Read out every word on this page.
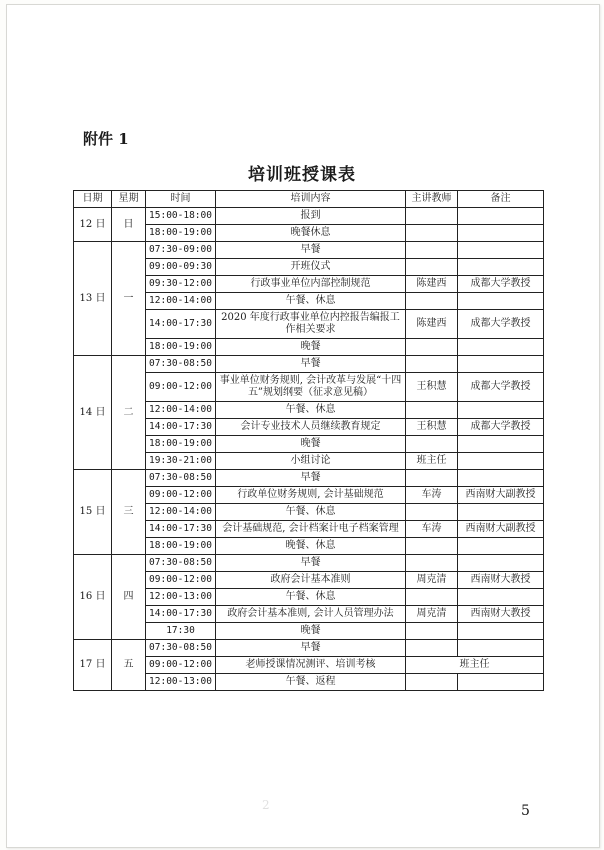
附件 1
培训班授课表
日期	星期	时间	培训内容	主讲教师	备注
12 日	日	15:00-18:00	报到		
		18:00-19:00	晚餐休息		
13 日	一	07:30-09:00	早餐		
		09:00-09:30	开班仪式		
		09:30-12:00	行政事业单位内部控制规范	陈建西	成都大学教授
		12:00-14:00	午餐、休息		
		14:00-17:30	2020 年度行政事业单位内控报告编报工作相关要求	陈建西	成都大学教授
		18:00-19:00	晚餐		
14 日	二	07:30-08:50	早餐		
		09:00-12:00	事业单位财务规则, 会计改革与发展“十四五”规划纲要（征求意见稿）	王积慧	成都大学教授
		12:00-14:00	午餐、休息		
		14:00-17:30	会计专业技术人员继续教育规定	王积慧	成都大学教授
		18:00-19:00	晚餐		
		19:30-21:00	小组讨论	班主任	
15 日	三	07:30-08:50	早餐		
		09:00-12:00	行政单位财务规则, 会计基础规范	车涛	西南财大副教授
		12:00-14:00	午餐、休息		
		14:00-17:30	会计基础规范, 会计档案计电子档案管理	车涛	西南财大副教授
		18:00-19:00	晚餐、休息		
16 日	四	07:30-08:50	早餐		
		09:00-12:00	政府会计基本准则	周克清	西南财大教授
		12:00-13:00	午餐、休息		
		14:00-17:30	政府会计基本准则, 会计人员管理办法	周克清	西南财大教授
		17:30	晚餐		
17 日	五	07:30-08:50	早餐		
		09:00-12:00	老师授课情况测评、培训考核	班主任	
		12:00-13:00	午餐、返程		
2	5
